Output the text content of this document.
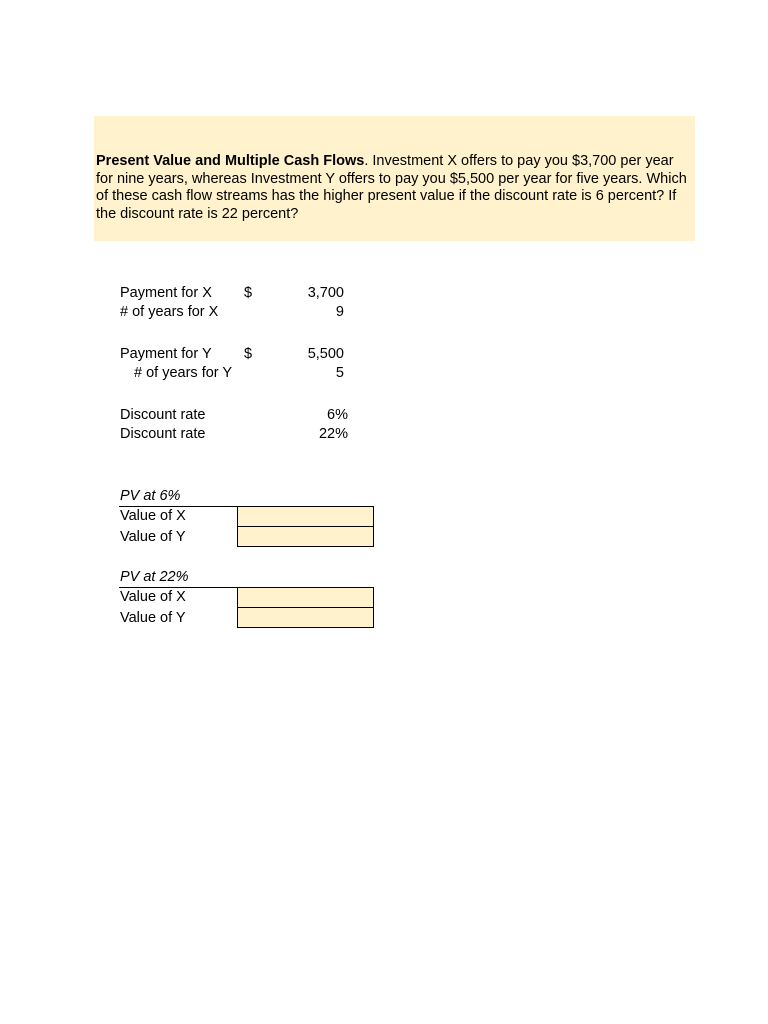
Present Value and Multiple Cash Flows. Investment X offers to pay you $3,700 per year for nine years, whereas Investment Y offers to pay you $5,500 per year for five years. Which of these cash flow streams has the higher present value if the discount rate is 6 percent? If the discount rate is 22 percent?

Payment for X $	3,700
# of years for X	9
Payment for Y $	5,500
# of years for Y	5
Discount rate	6%
Discount rate	22%
PV at 6%
Value of X
Value of Y
PV at 22%
Value of X
Value of Y
